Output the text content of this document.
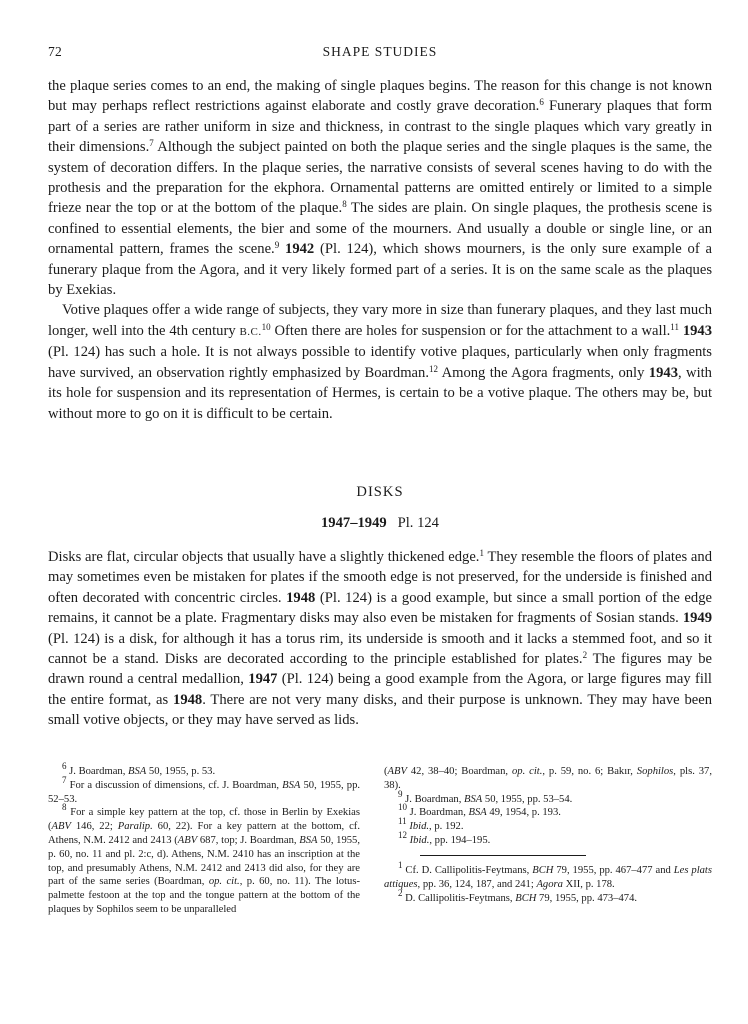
72	SHAPE STUDIES

the plaque series comes to an end, the making of single plaques begins. The reason for this change is not known but may perhaps reflect restrictions against elaborate and costly grave decoration.$^6$ Funerary plaques that form part of a series are rather uniform in size and thickness, in contrast to the single plaques which vary greatly in their dimensions.$^7$ Although the subject painted on both the plaque series and the single plaques is the same, the system of decoration differs. In the plaque series, the narrative consists of several scenes having to do with the prothesis and the preparation for the ekphora. Ornamental patterns are omitted entirely or limited to a simple frieze near the top or at the bottom of the plaque.$^8$ The sides are plain. On single plaques, the prothesis scene is confined to essential elements, the bier and some of the mourners. And usually a double or single line, or an ornamental pattern, frames the scene.$^9$ 1942 (Pl. 124), which shows mourners, is the only sure example of a funerary plaque from the Agora, and it very likely formed part of a series. It is on the same scale as the plaques by Exekias.

Votive plaques offer a wide range of subjects, they vary more in size than funerary plaques, and they last much longer, well into the 4th century B.C.$^{10}$ Often there are holes for suspension or for the attachment to a wall.$^{11}$ 1943 (Pl. 124) has such a hole. It is not always possible to identify votive plaques, particularly when only fragments have survived, an observation rightly emphasized by Boardman.$^{12}$ Among the Agora fragments, only 1943, with its hole for suspension and its representation of Hermes, is certain to be a votive plaque. The others may be, but without more to go on it is difficult to be certain.

DISKS
1947–1949 Pl. 124

Disks are flat, circular objects that usually have a slightly thickened edge.$^1$ They resemble the floors of plates and may sometimes even be mistaken for plates if the smooth edge is not preserved, for the underside is finished and often decorated with concentric circles. 1948 (Pl. 124) is a good example, but since a small portion of the edge remains, it cannot be a plate. Fragmentary disks may also even be mistaken for fragments of Sosian stands. 1949 (Pl. 124) is a disk, for although it has a torus rim, its underside is smooth and it lacks a stemmed foot, and so it cannot be a stand. Disks are decorated according to the principle established for plates.$^2$ The figures may be drawn round a central medallion, 1947 (Pl. 124) being a good example from the Agora, or large figures may fill the entire format, as 1948. There are not very many disks, and their purpose is unknown. They may have been small votive objects, or they may have served as lids.

$^6$ J. Boardman, BSA 50, 1955, p. 53.

$^7$ For a discussion of dimensions, cf. J. Boardman, BSA 50, 1955, pp. 52–53.

$^8$ For a simple key pattern at the top, cf. those in Berlin by Exekias (ABV 146, 22; Paralip. 60, 22). For a key pattern at the bottom, cf. Athens, N.M. 2412 and 2413 (ABV 687, top; J. Boardman, BSA 50, 1955, p. 60, no. 11 and pl. 2:c, d). Athens, N.M. 2410 has an inscription at the top, and presumably Athens, N.M. 2412 and 2413 did also, for they are part of the same series (Boardman, op. cit., p. 60, no. 11). The lotus-palmette festoon at the top and the tongue pattern at the bottom of the plaques by Sophilos seem to be unparalleled

(ABV 42, 38–40; Boardman, op. cit., p. 59, no. 6; Bakır, Sophilos, pls. 37, 38).

$^9$ J. Boardman, BSA 50, 1955, pp. 53–54.

$^{10}$ J. Boardman, BSA 49, 1954, p. 193.

$^{11}$ Ibid., p. 192.

$^{12}$ Ibid., pp. 194–195.

$^1$ Cf. D. Callipolitis-Feytmans, BCH 79, 1955, pp. 467–477 and Les plats attiques, pp. 36, 124, 187, and 241; Agora XII, p. 178.

$^2$ D. Callipolitis-Feytmans, BCH 79, 1955, pp. 473–474.
